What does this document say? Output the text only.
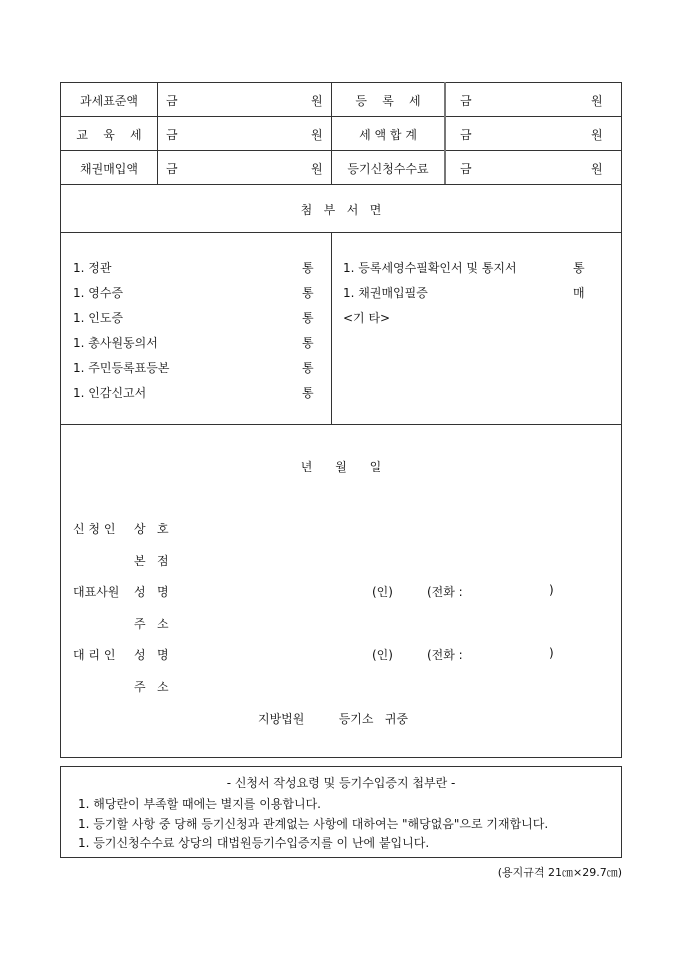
과세표준액	금	원	등    록    세	금	원
교    육    세	금	원	세 액 합 계	금	원
채권매입액	금	원	등기신청수수료	금	원
첨   부   서   면
1. 정관	통
1. 영수증	통
1. 인도증	통
1. 총사원동의서	통
1. 주민등록표등본	통
1. 인감신고서	통
1. 등록세영수필확인서 및 통지서	통
1. 채권매입필증	매
<기 타>
년      월      일
신 청 인 상   호
본   점
대표사원 성   명	(인)	(전화 :	)
주   소
대 리 인 성   명	(인)	(전화 :	)
주   소
지방법원         등기소   귀중
- 신청서 작성요령 및 등기수입증지 첩부란 -
1. 해당란이 부족할 때에는 별지를 이용합니다.
1. 등기할 사항 중 당해 등기신청과 관계없는 사항에 대하여는 "해당없음"으로 기재합니다.
1. 등기신청수수료 상당의 대법원등기수입증지를 이 난에 붙입니다.
(용지규격 21㎝×29.7㎝)
